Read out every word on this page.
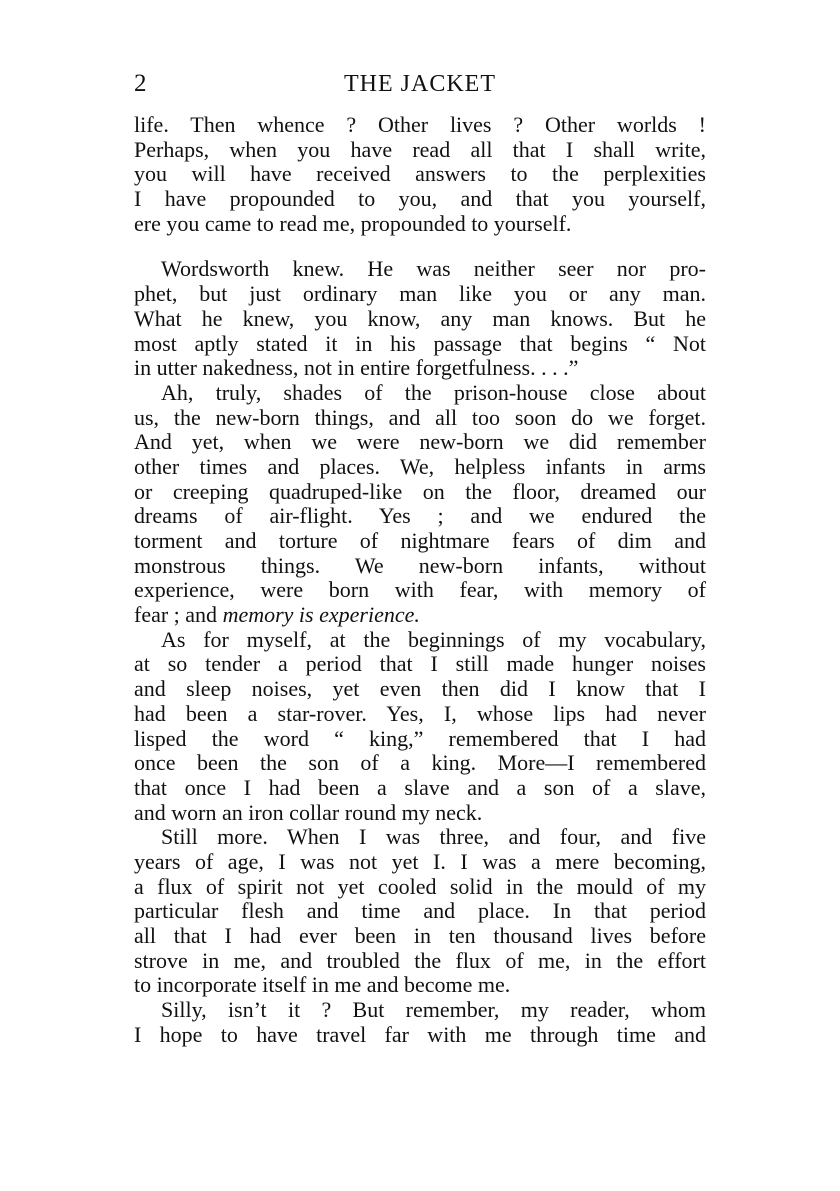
2	THE JACKET
life. Then whence ? Other lives ? Other worlds !
Perhaps, when you have read all that I shall write,
you will have received answers to the perplexities
I have propounded to you, and that you yourself,
ere you came to read me, propounded to yourself.
Wordsworth knew. He was neither seer nor pro-
phet, but just ordinary man like you or any man.
What he knew, you know, any man knows. But he
most aptly stated it in his passage that begins “ Not
in utter nakedness, not in entire forgetfulness. . . .”
Ah, truly, shades of the prison-house close about
us, the new-born things, and all too soon do we forget.
And yet, when we were new-born we did remember
other times and places. We, helpless infants in arms
or creeping quadruped-like on the floor, dreamed our
dreams of air-flight. Yes ; and we endured the
torment and torture of nightmare fears of dim and
monstrous things. We new-born infants, without
experience, were born with fear, with memory of
fear ; and memory is experience.
As for myself, at the beginnings of my vocabulary,
at so tender a period that I still made hunger noises
and sleep noises, yet even then did I know that I
had been a star-rover. Yes, I, whose lips had never
lisped the word “ king,” remembered that I had
once been the son of a king. More—I remembered
that once I had been a slave and a son of a slave,
and worn an iron collar round my neck.
Still more. When I was three, and four, and five
years of age, I was not yet I. I was a mere becoming,
a flux of spirit not yet cooled solid in the mould of my
particular flesh and time and place. In that period
all that I had ever been in ten thousand lives before
strove in me, and troubled the flux of me, in the effort
to incorporate itself in me and become me.
Silly, isn’t it ? But remember, my reader, whom
I hope to have travel far with me through time and
